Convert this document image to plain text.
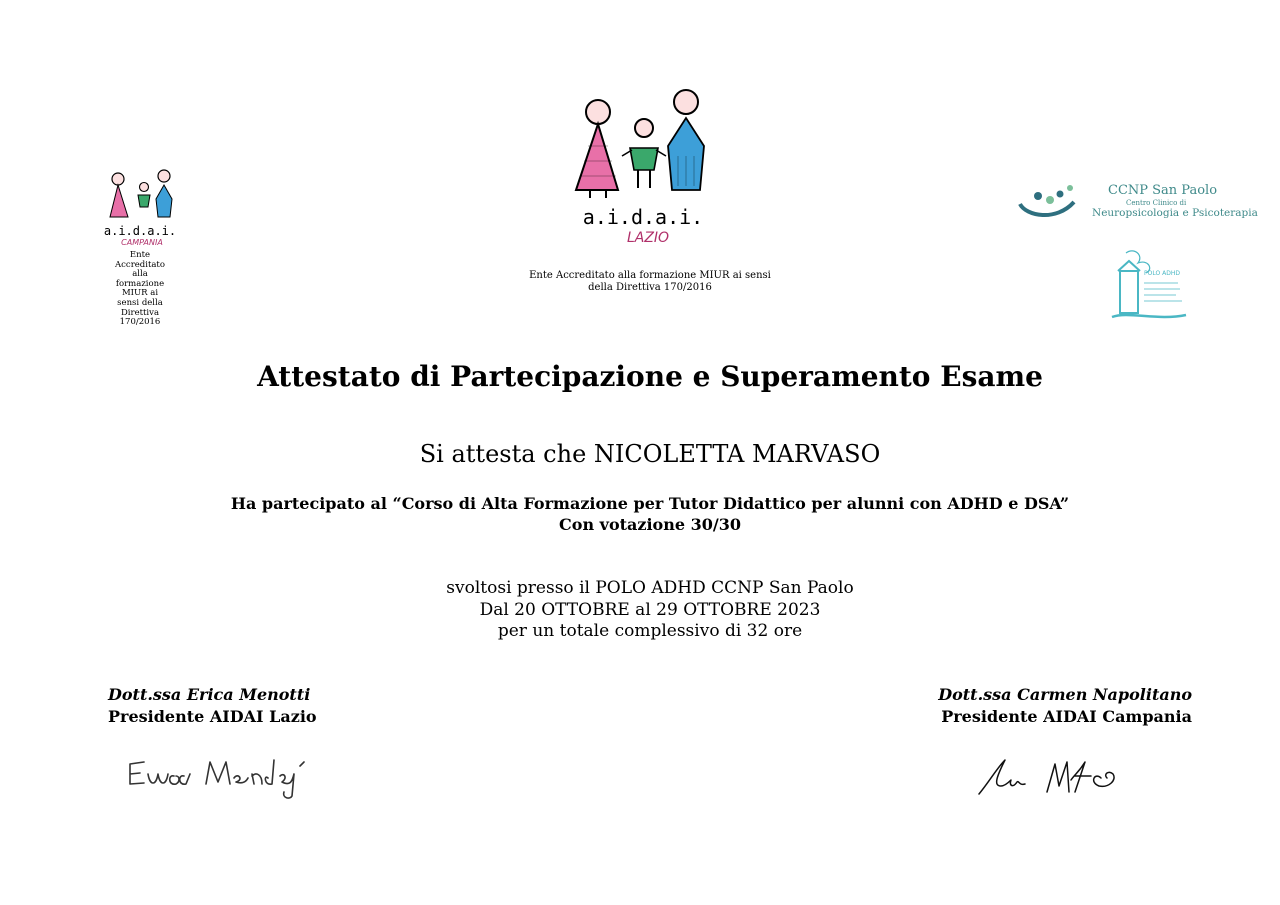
a.i.d.a.i.
CAMPANIA
Ente Accreditato alla formazione MIUR ai sensi della Direttiva 170/2016
a.i.d.a.i.
LAZIO
Ente Accreditato alla formazione MIUR ai sensi
della Direttiva 170/2016
CCNP San Paolo
Centro Clinico di
Neuropsicologia e Psicoterapia
POLO ADHD
Attestato di Partecipazione e Superamento Esame
Si attesta che NICOLETTA MARVASO
Ha partecipato al “Corso di Alta Formazione per Tutor Didattico per alunni con ADHD e DSA”
Con votazione 30/30
svoltosi presso il POLO ADHD CCNP San Paolo
Dal 20 OTTOBRE al 29 OTTOBRE 2023
per un totale complessivo di 32 ore
Dott.ssa Erica Menotti
Presidente AIDAI Lazio
Dott.ssa Carmen Napolitano
Presidente AIDAI Campania
